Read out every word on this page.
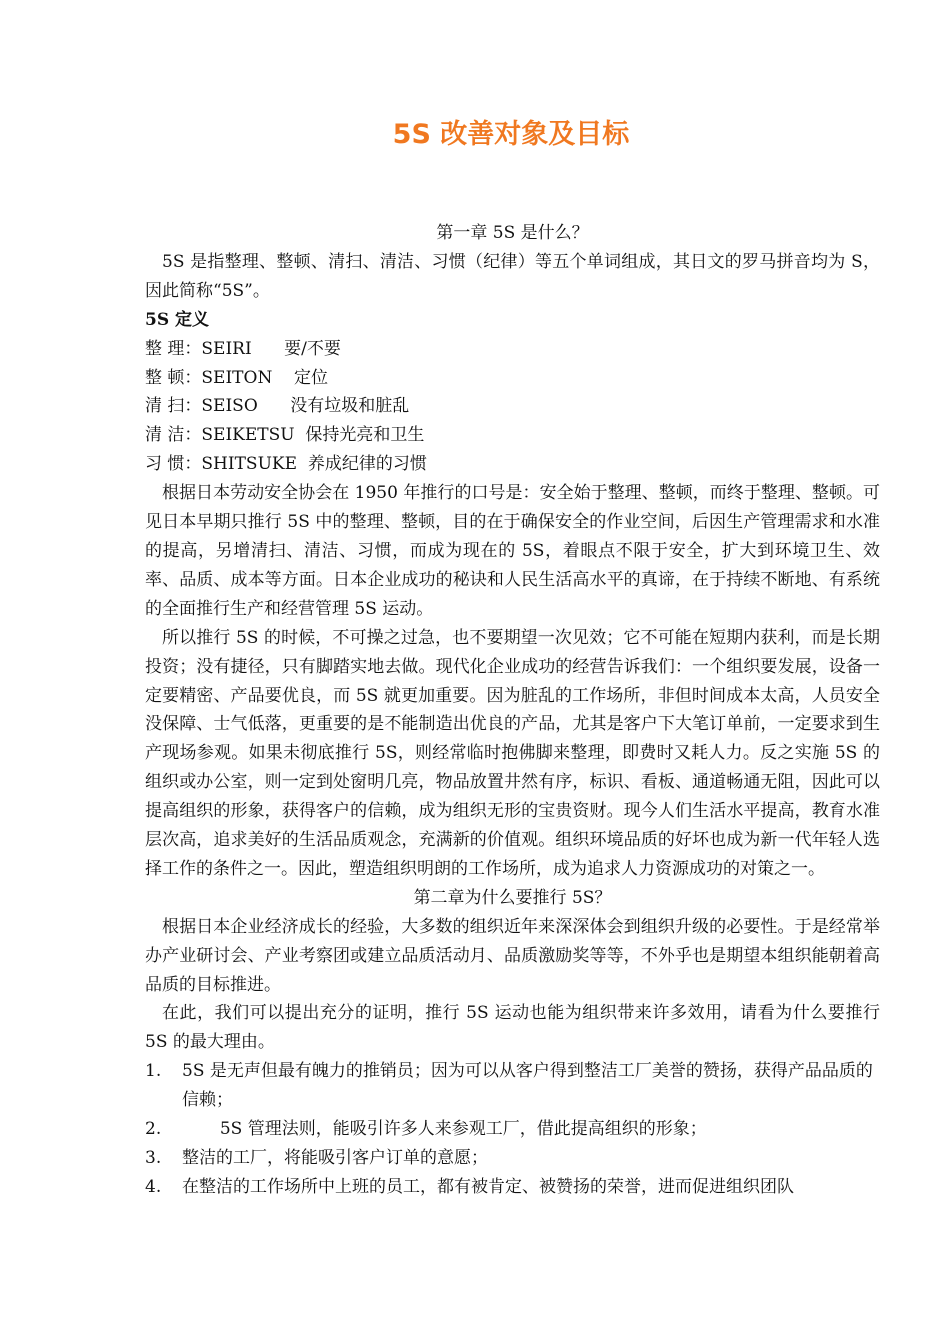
5S 改善对象及目标

第一章 5S 是什么？

5S 是指整理、整顿、清扫、清洁、习惯（纪律）等五个单词组成，其日文的罗马拼音均为 S，因此简称“5S”。

5S 定义

整 理：SEIRI 要/不要

整 顿：SEITON 定位

清 扫：SEISO 没有垃圾和脏乱

清 洁：SEIKETSU 保持光亮和卫生

习 惯：SHITSUKE 养成纪律的习惯

根据日本劳动安全协会在 1950 年推行的口号是：安全始于整理、整顿，而终于整理、整顿。可见日本早期只推行 5S 中的整理、整顿，目的在于确保安全的作业空间，后因生产管理需求和水准的提高，另增清扫、清洁、习惯，而成为现在的 5S，着眼点不限于安全，扩大到环境卫生、效率、品质、成本等方面。日本企业成功的秘诀和人民生活高水平的真谛，在于持续不断地、有系统的全面推行生产和经营管理 5S 运动。

所以推行 5S 的时候，不可操之过急，也不要期望一次见效；它不可能在短期内获利，而是长期投资；没有捷径，只有脚踏实地去做。现代化企业成功的经营告诉我们：一个组织要发展，设备一定要精密、产品要优良，而 5S 就更加重要。因为脏乱的工作场所，非但时间成本太高，人员安全没保障、士气低落，更重要的是不能制造出优良的产品，尤其是客户下大笔订单前，一定要求到生产现场参观。如果未彻底推行 5S，则经常临时抱佛脚来整理，即费时又耗人力。反之实施 5S 的组织或办公室，则一定到处窗明几亮，物品放置井然有序，标识、看板、通道畅通无阻，因此可以提高组织的形象，获得客户的信赖，成为组织无形的宝贵资财。现今人们生活水平提高，教育水准层次高，追求美好的生活品质观念，充满新的价值观。组织环境品质的好坏也成为新一代年轻人选择工作的条件之一。因此，塑造组织明朗的工作场所，成为追求人力资源成功的对策之一。

第二章为什么要推行 5S？

根据日本企业经济成长的经验，大多数的组织近年来深深体会到组织升级的必要性。于是经常举办产业研讨会、产业考察团或建立品质活动月、品质激励奖等等，不外乎也是期望本组织能朝着高品质的目标推进。

在此，我们可以提出充分的证明，推行 5S 运动也能为组织带来许多效用，请看为什么要推行 5S 的最大理由。

1.	5S 是无声但最有魄力的推销员；因为可以从客户得到整洁工厂美誉的赞扬，获得产品品质的信赖；
2.	5S 管理法则，能吸引许多人来参观工厂，借此提高组织的形象；
3.	整洁的工厂，将能吸引客户订单的意愿；
4.	在整洁的工作场所中上班的员工，都有被肯定、被赞扬的荣誉，进而促进组织团队
